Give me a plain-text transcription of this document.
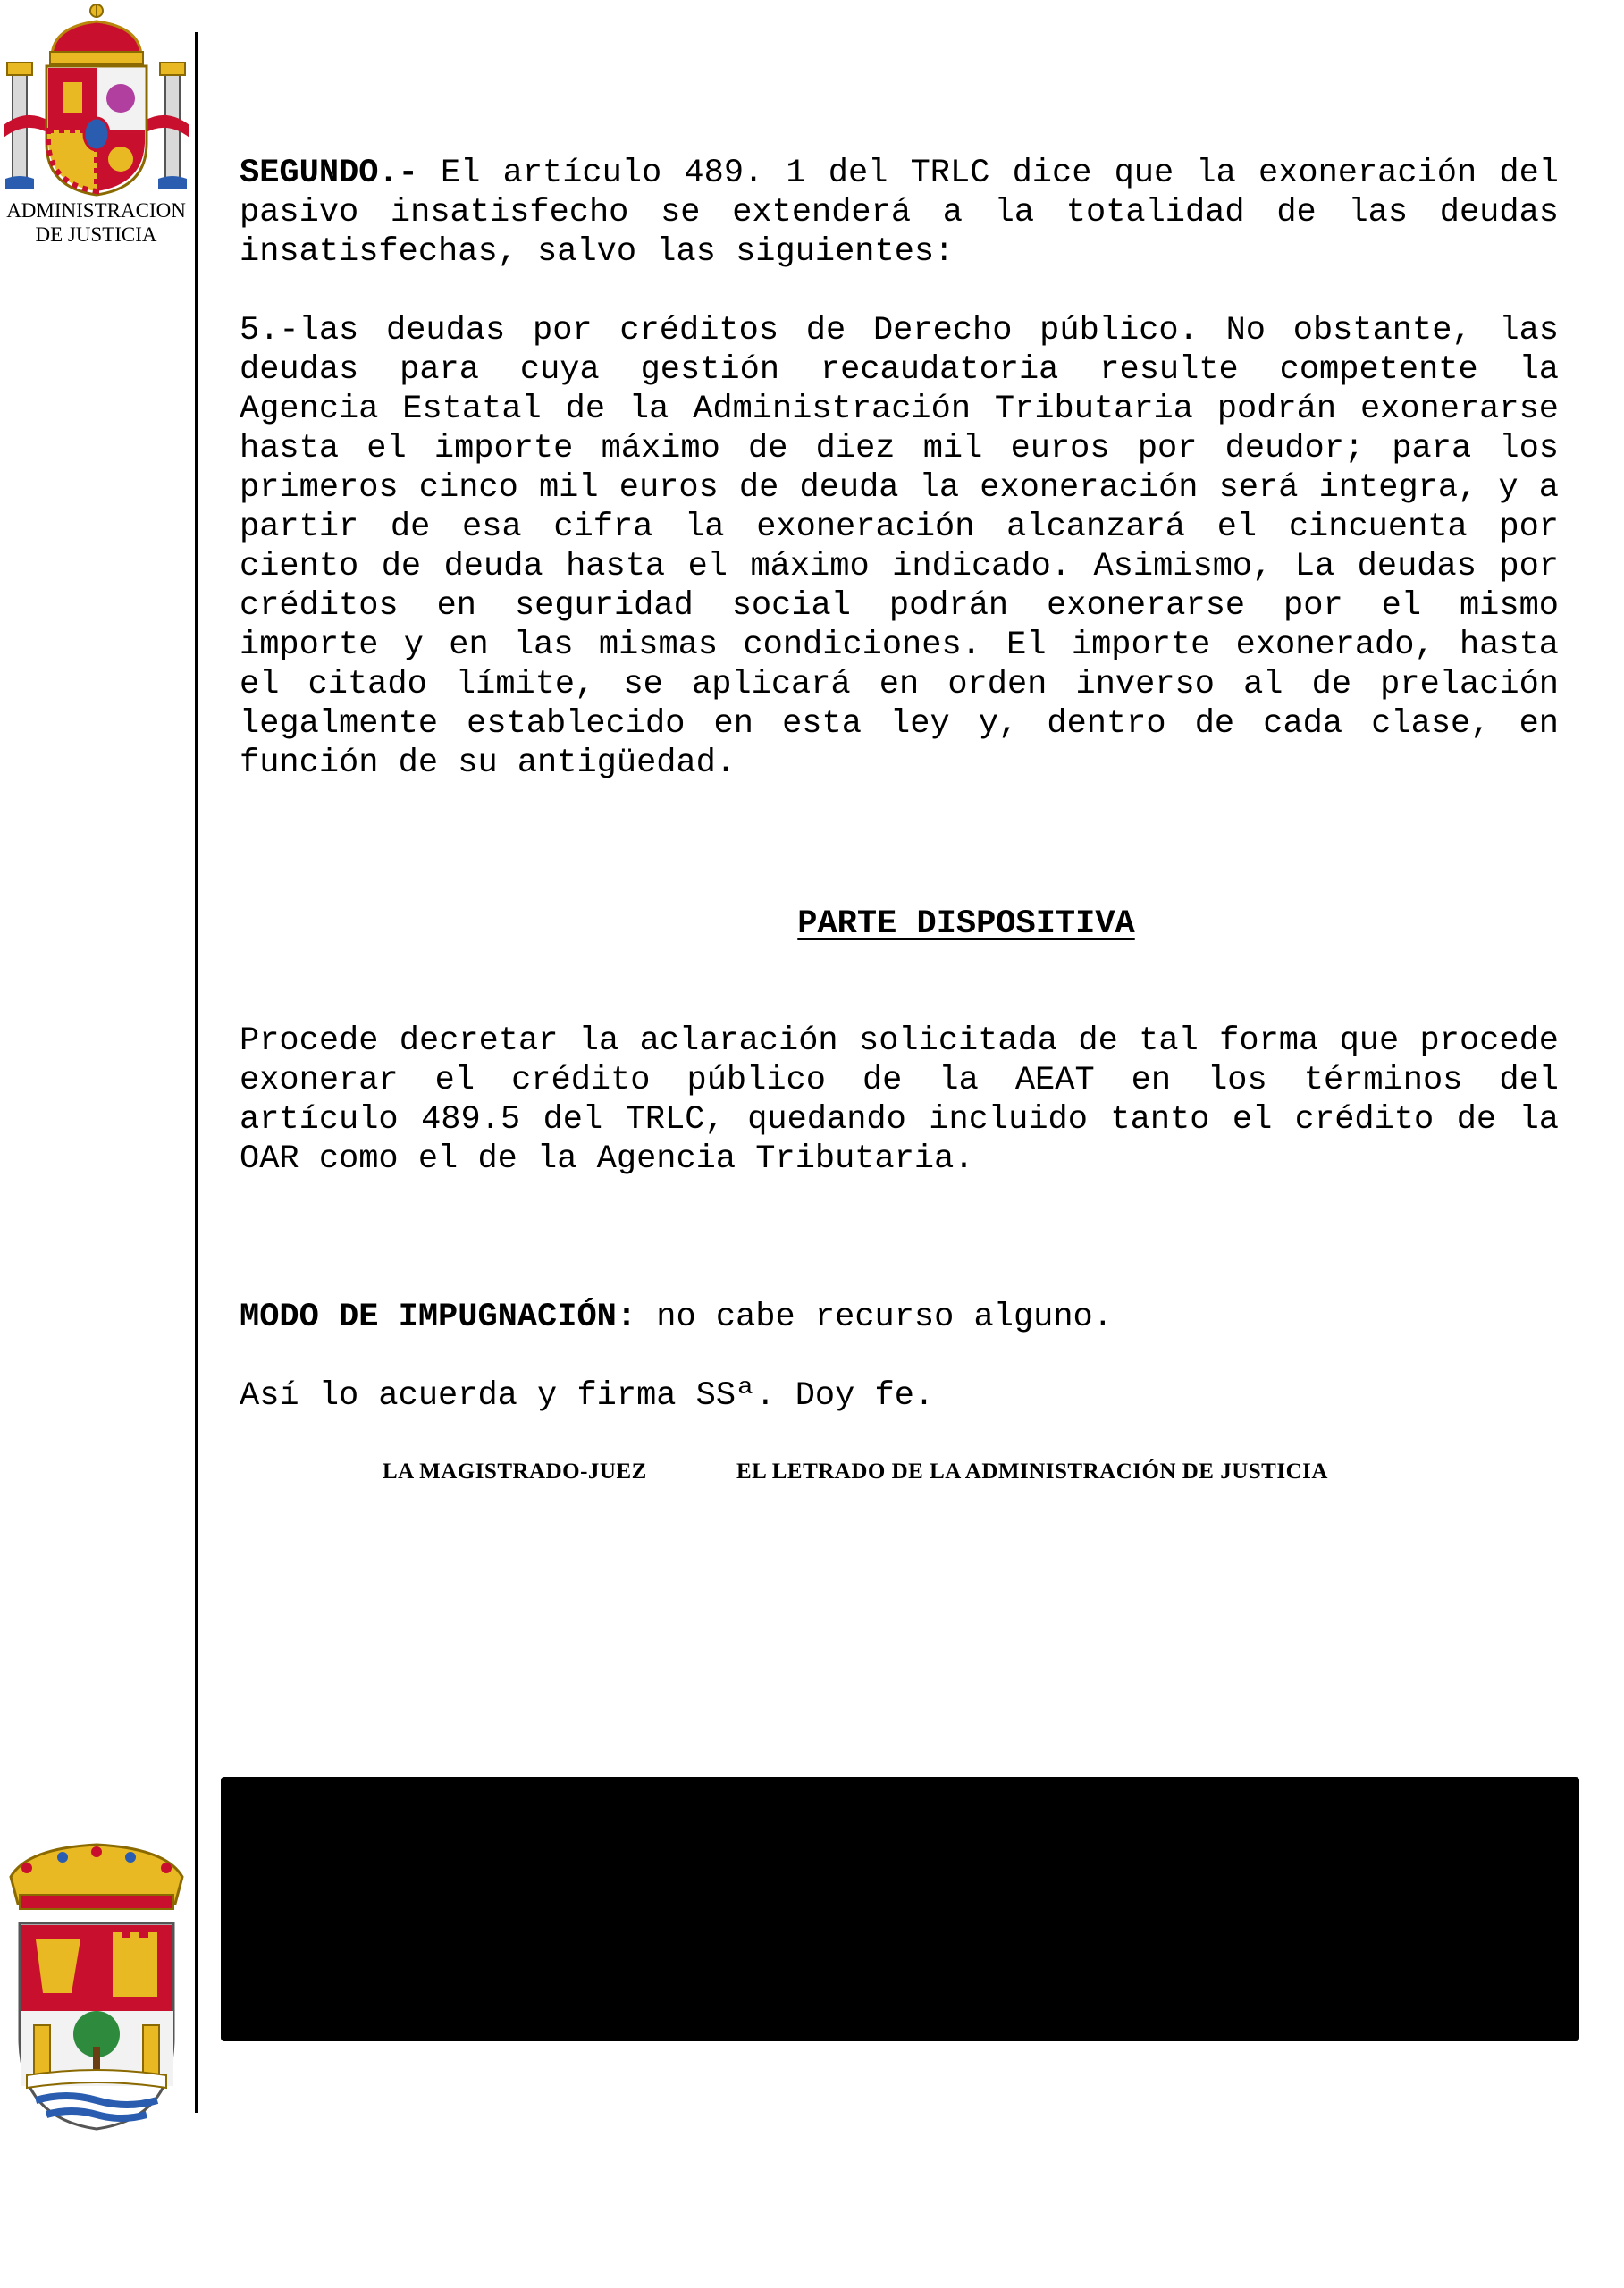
ADMINISTRACION
DE JUSTICIA

SEGUNDO.- El artículo 489. 1 del TRLC dice que la exoneración del pasivo insatisfecho se extenderá a la totalidad de las deudas insatisfechas, salvo las siguientes:

5.-las deudas por créditos de Derecho público. No obstante, las deudas para cuya gestión recaudatoria resulte competente la Agencia Estatal de la Administración Tributaria podrán exonerarse hasta el importe máximo de diez mil euros por deudor; para los primeros cinco mil euros de deuda la exoneración será integra, y a partir de esa cifra la exoneración alcanzará el cincuenta por ciento de deuda hasta el máximo indicado. Asimismo, La deudas por créditos en seguridad social podrán exonerarse por el mismo importe y en las mismas condiciones. El importe exonerado, hasta el citado límite, se aplicará en orden inverso al de prelación legalmente establecido en esta ley y, dentro de cada clase, en función de su antigüedad.

PARTE DISPOSITIVA

Procede decretar la aclaración solicitada de tal forma que procede exonerar el crédito público de la AEAT en los términos del artículo 489.5 del TRLC, quedando incluido tanto el crédito de la OAR como el de la Agencia Tributaria.

MODO DE IMPUGNACIÓN: no cabe recurso alguno.
Así lo acuerda y firma SSª. Doy fe.
LA MAGISTRADO-JUEZ	EL LETRADO DE LA ADMINISTRACIÓN DE JUSTICIA
